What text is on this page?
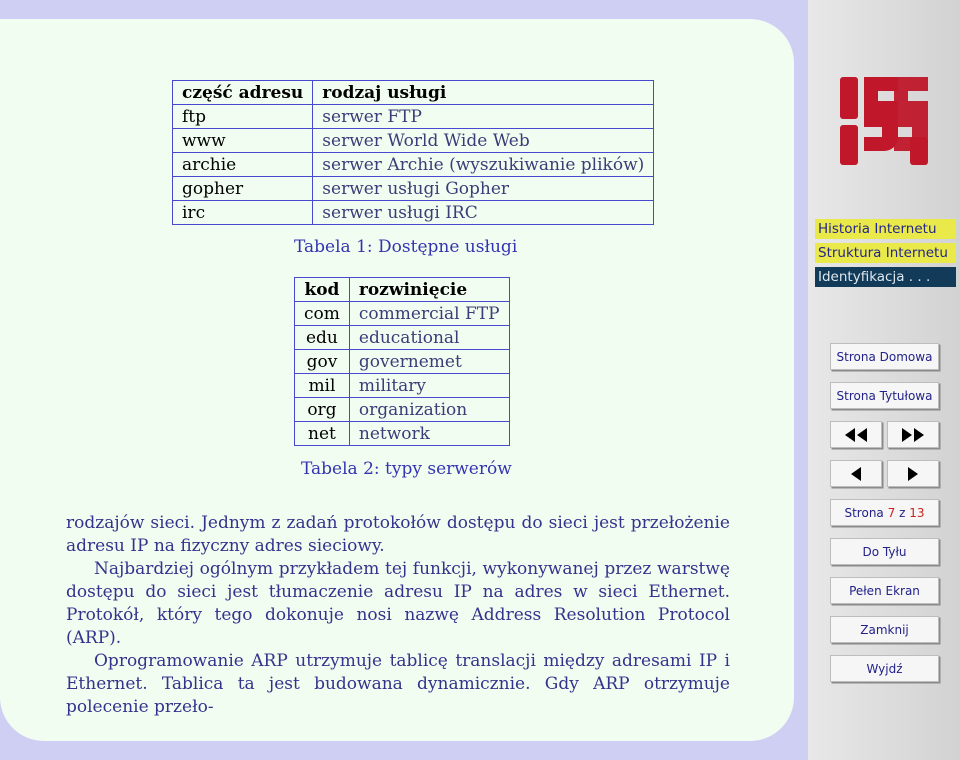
część adresu	rodzaj usługi
ftp	serwer FTP
www	serwer World Wide Web
archie	serwer Archie (wyszukiwanie plików)
gopher	serwer usługi Gopher
irc	serwer usługi IRC
Tabela 1: Dostępne usługi
kod	rozwinięcie
com	commercial FTP
edu	educational
gov	governemet
mil	military
org	organization
net	network
Tabela 2: typy serwerów

rodzajów sieci. Jednym z zadań protokołów dostępu do sieci jest przełożenie adresu IP na fizyczny adres sieciowy.

Najbardziej ogólnym przykładem tej funkcji, wykonywanej przez warstwę dostępu do sieci jest tłumaczenie adresu IP na adres w sieci Ethernet. Protokół, który tego dokonuje nosi nazwę Address Resolution Protocol (ARP).

Oprogramowanie ARP utrzymuje tablicę translacji między adresami IP i Ethernet. Tablica ta jest budowana dynamicznie. Gdy ARP otrzymuje polecenie przeło-

Historia Internetu
Struktura Internetu
Identyfikacja . . .
Strona Domowa
Strona Tytułowa
Strona
7
z
13
Do Tyłu
Pełen Ekran
Zamknij
Wyjdź
